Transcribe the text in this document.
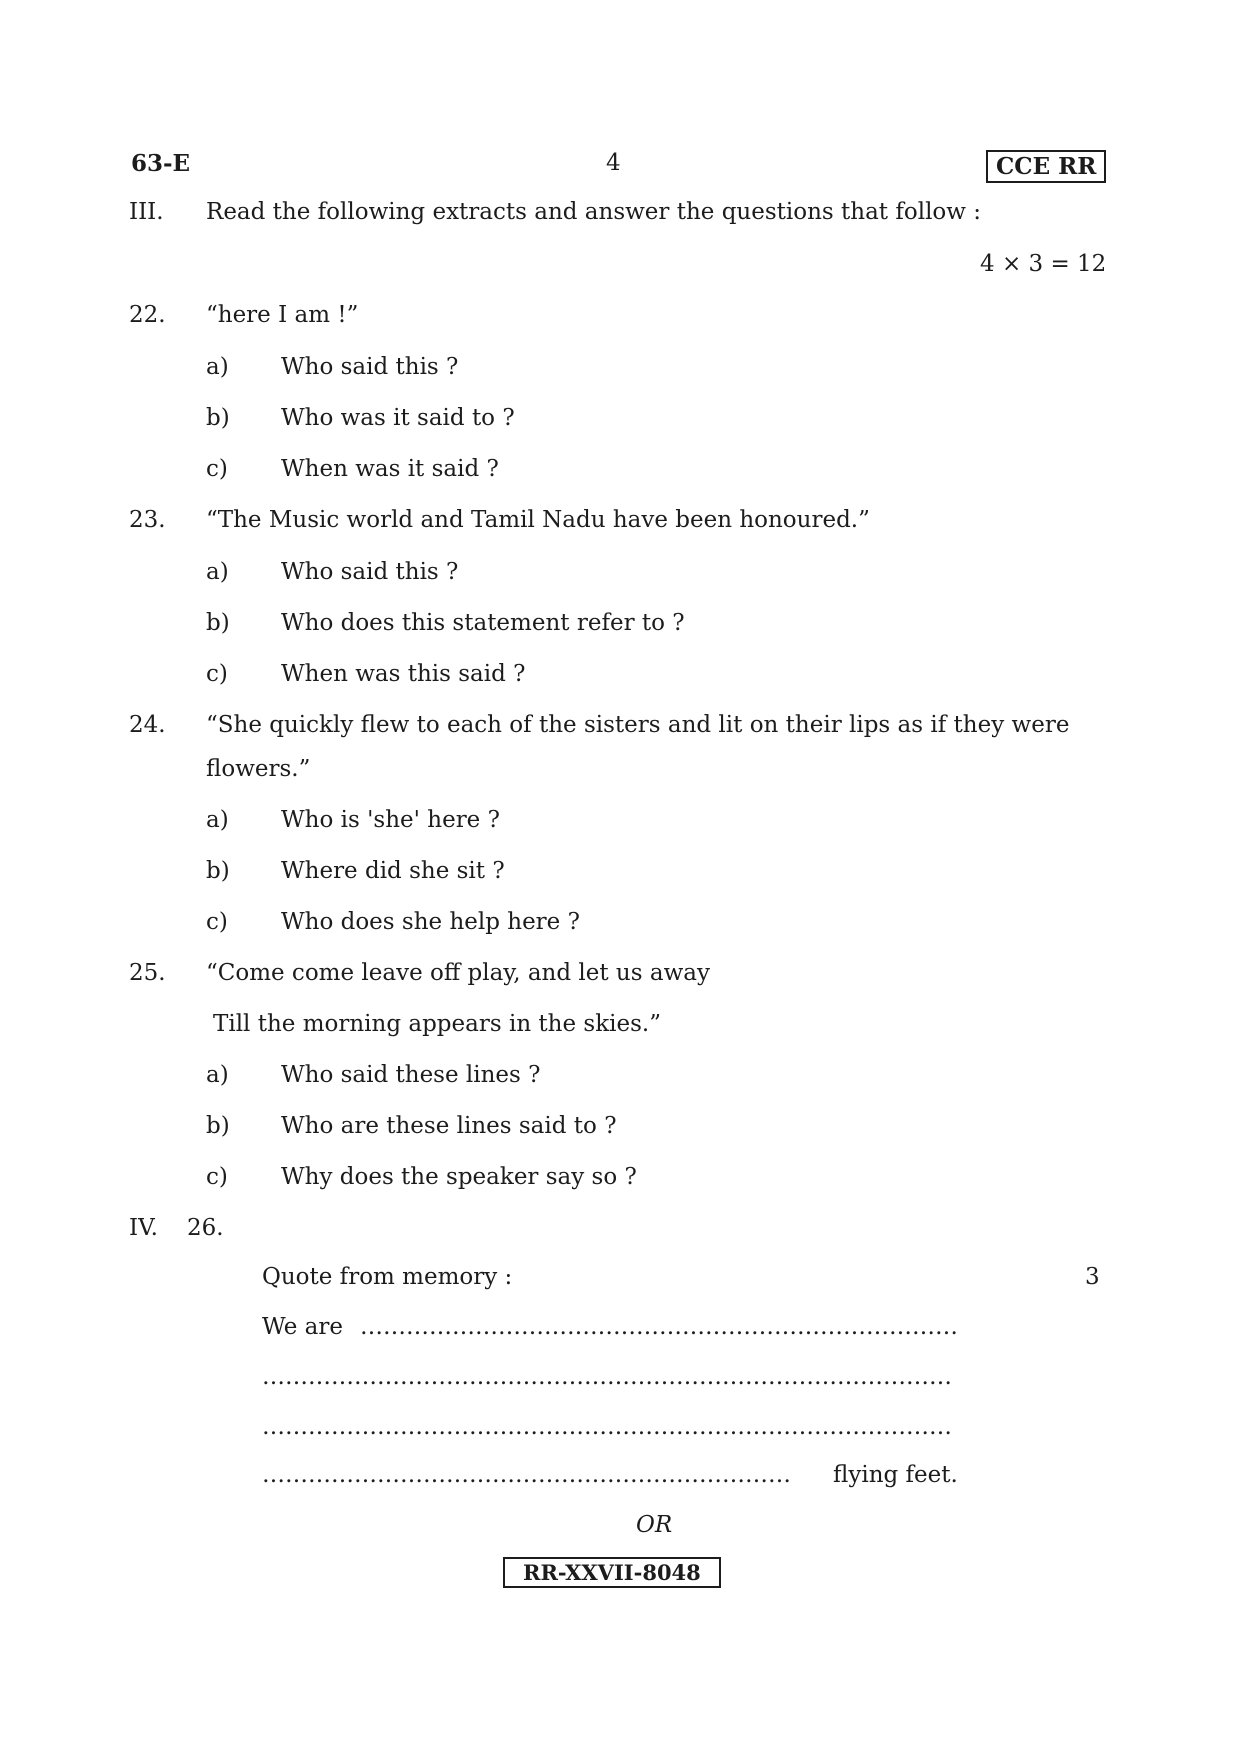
63-E	4	CCE RR
III. Read the following extracts and answer the questions that follow :
4 × 3 = 12
22. “here I am !”
a) Who said this ?
b) Who was it said to ?
c) When was it said ?
23. “The Music world and Tamil Nadu have been honoured.”
a) Who said this ?
b) Who does this statement refer to ?
c) When was this said ?
24. “She quickly flew to each of the sisters and lit on their lips as if they were
flowers.”
a) Who is 'she' here ?
b) Where did she sit ?
c) Who does she help here ?
25. “Come come leave off play, and let us away
Till the morning appears in the skies.”
a) Who said these lines ?
b) Who are these lines said to ?
c) Why does the speaker say so ?
IV. 26.
Quote from memory :	3
We are ……………………………………………………………………
………………………………………………………………………………
………………………………………………………………………………
……………………………………………………………	flying feet.
OR
RR-XXVII-8048
